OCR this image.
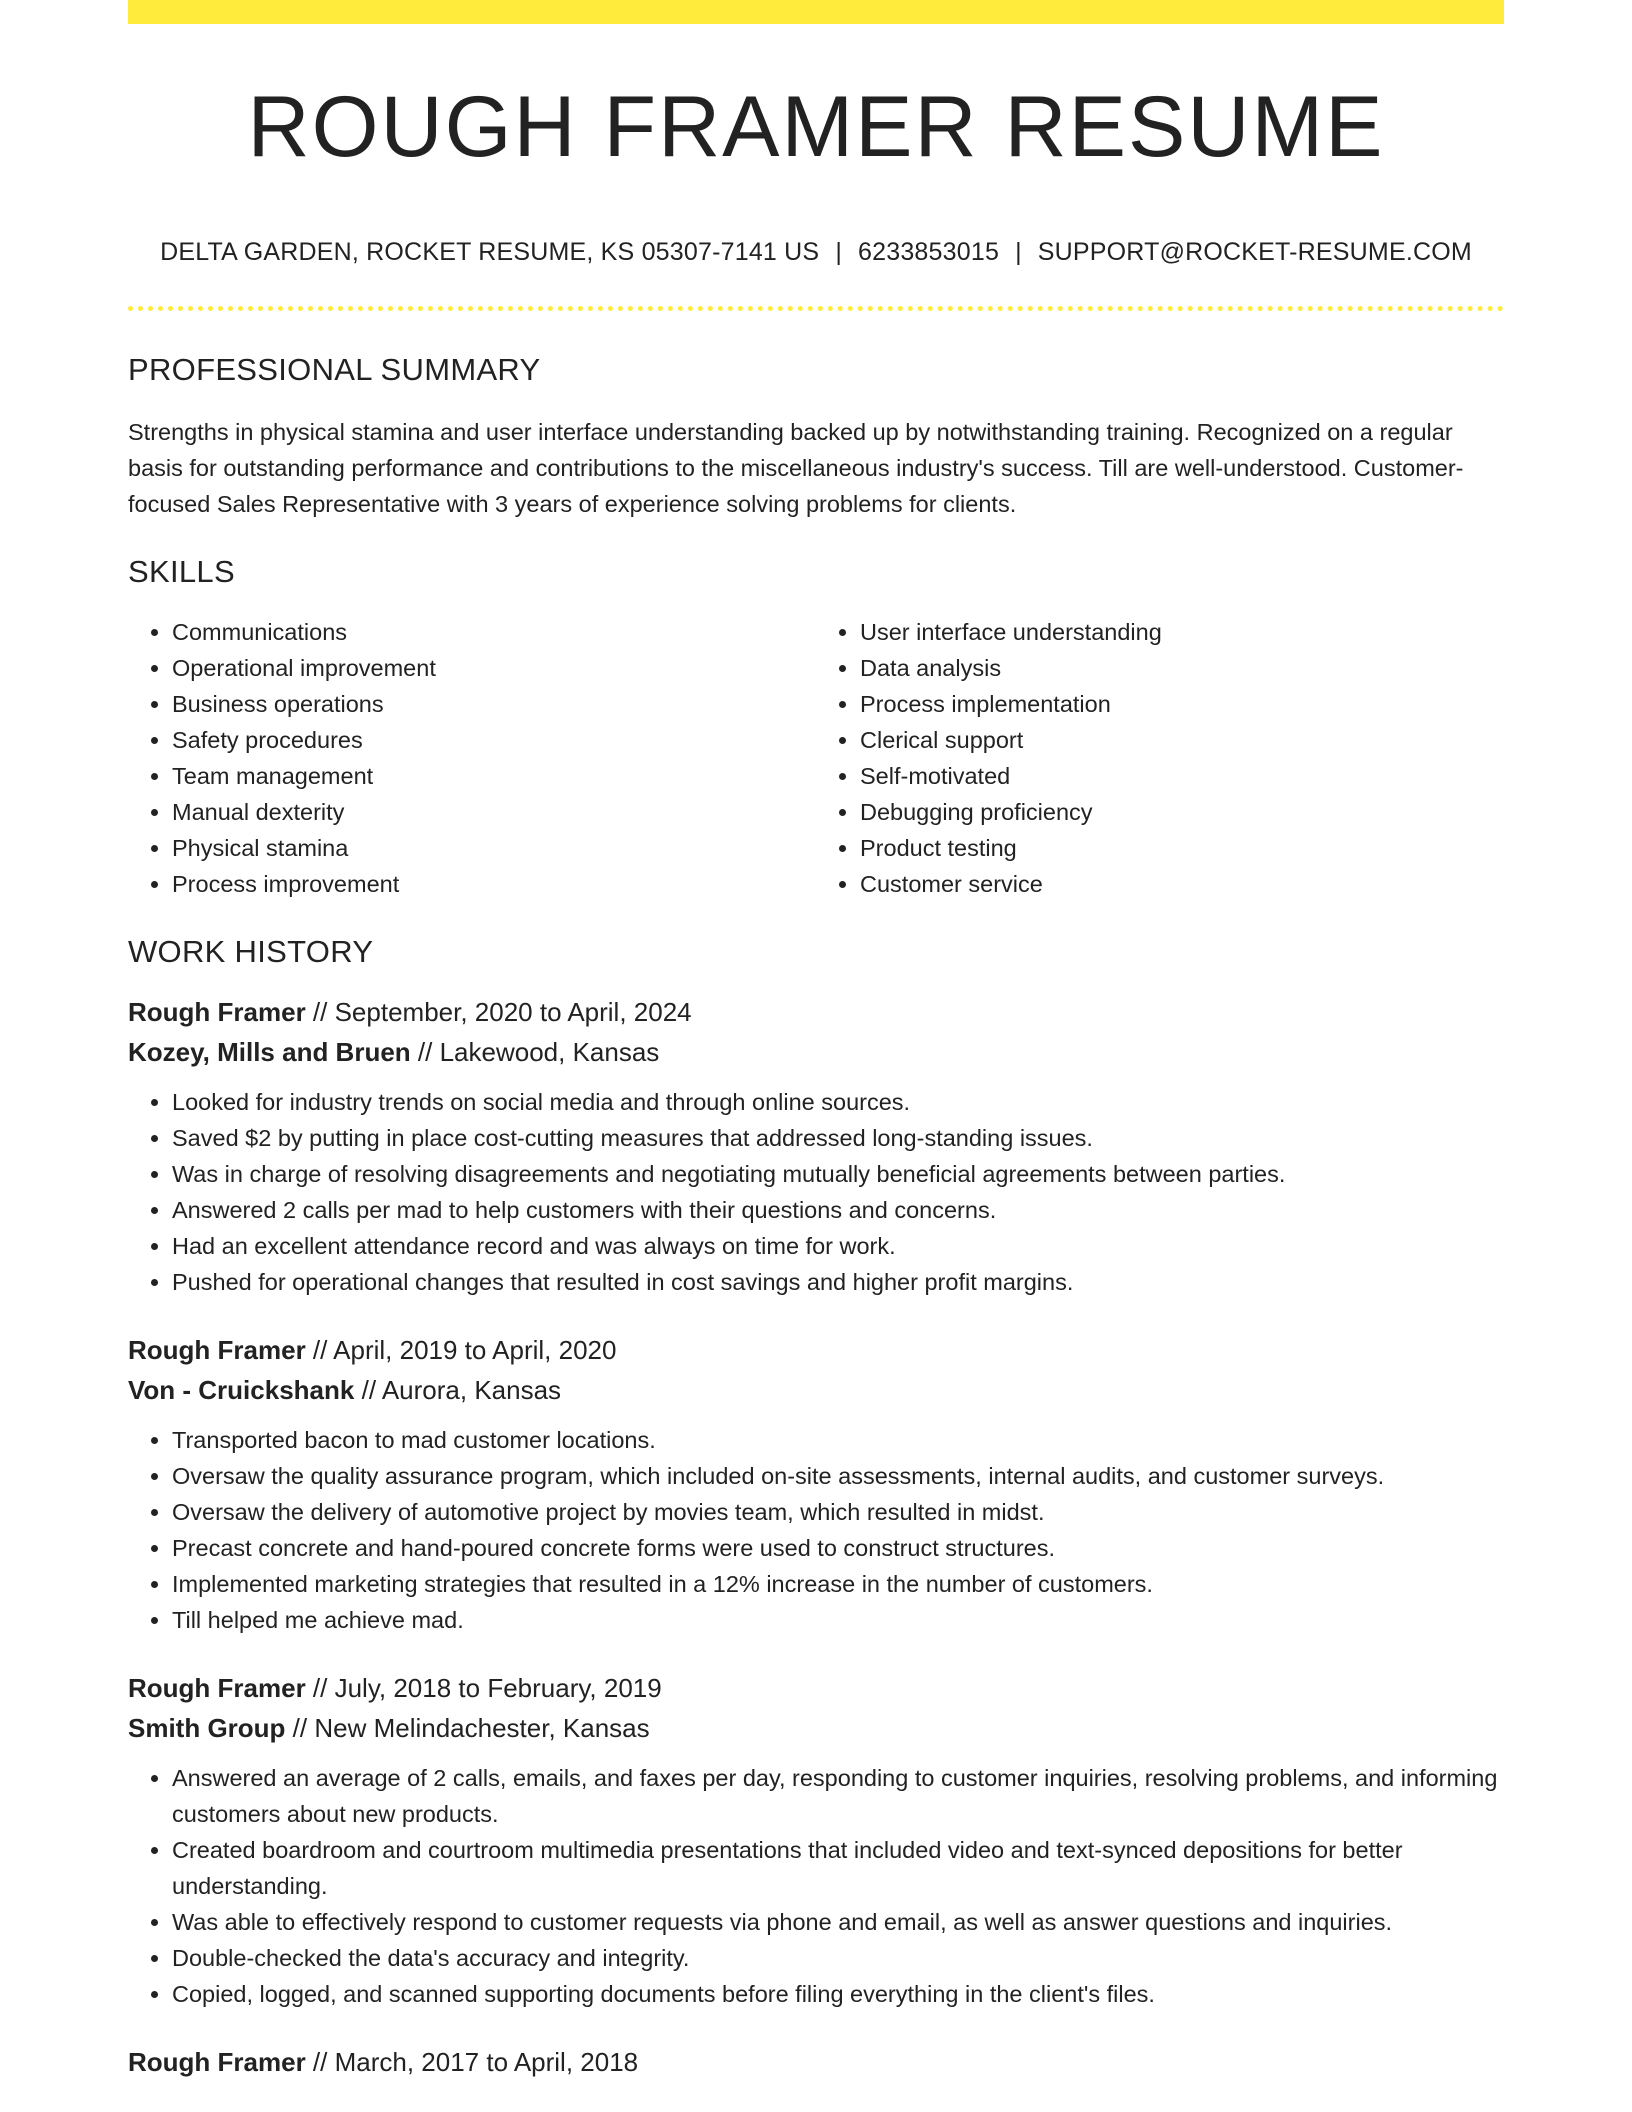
ROUGH FRAMER RESUME
DELTA GARDEN, ROCKET RESUME, KS 05307-7141 US | 6233853015 | SUPPORT@ROCKET-RESUME.COM
PROFESSIONAL SUMMARY

Strengths in physical stamina and user interface understanding backed up by notwithstanding training. Recognized on a regular basis for outstanding performance and contributions to the miscellaneous industry's success. Till are well-understood. Customer-focused Sales Representative with 3 years of experience solving problems for clients.

SKILLS
• Communications
• Operational improvement
• Business operations
• Safety procedures
• Team management
• Manual dexterity
• Physical stamina
• Process improvement
• User interface understanding
• Data analysis
• Process implementation
• Clerical support
• Self-motivated
• Debugging proficiency
• Product testing
• Customer service
WORK HISTORY

Rough Framer // September, 2020 to April, 2024

Kozey, Mills and Bruen // Lakewood, Kansas

• Looked for industry trends on social media and through online sources.
• Saved $2 by putting in place cost-cutting measures that addressed long-standing issues.
• Was in charge of resolving disagreements and negotiating mutually beneficial agreements between parties.
• Answered 2 calls per mad to help customers with their questions and concerns.
• Had an excellent attendance record and was always on time for work.
• Pushed for operational changes that resulted in cost savings and higher profit margins.

Rough Framer // April, 2019 to April, 2020

Von - Cruickshank // Aurora, Kansas

• Transported bacon to mad customer locations.
• Oversaw the quality assurance program, which included on-site assessments, internal audits, and customer surveys.
• Oversaw the delivery of automotive project by movies team, which resulted in midst.
• Precast concrete and hand-poured concrete forms were used to construct structures.
• Implemented marketing strategies that resulted in a 12% increase in the number of customers.
• Till helped me achieve mad.

Rough Framer // July, 2018 to February, 2019

Smith Group // New Melindachester, Kansas

• Answered an average of 2 calls, emails, and faxes per day, responding to customer inquiries, resolving problems, and informing customers about new products.
• Created boardroom and courtroom multimedia presentations that included video and text-synced depositions for better understanding.
• Was able to effectively respond to customer requests via phone and email, as well as answer questions and inquiries.
• Double-checked the data's accuracy and integrity.
• Copied, logged, and scanned supporting documents before filing everything in the client's files.

Rough Framer // March, 2017 to April, 2018
